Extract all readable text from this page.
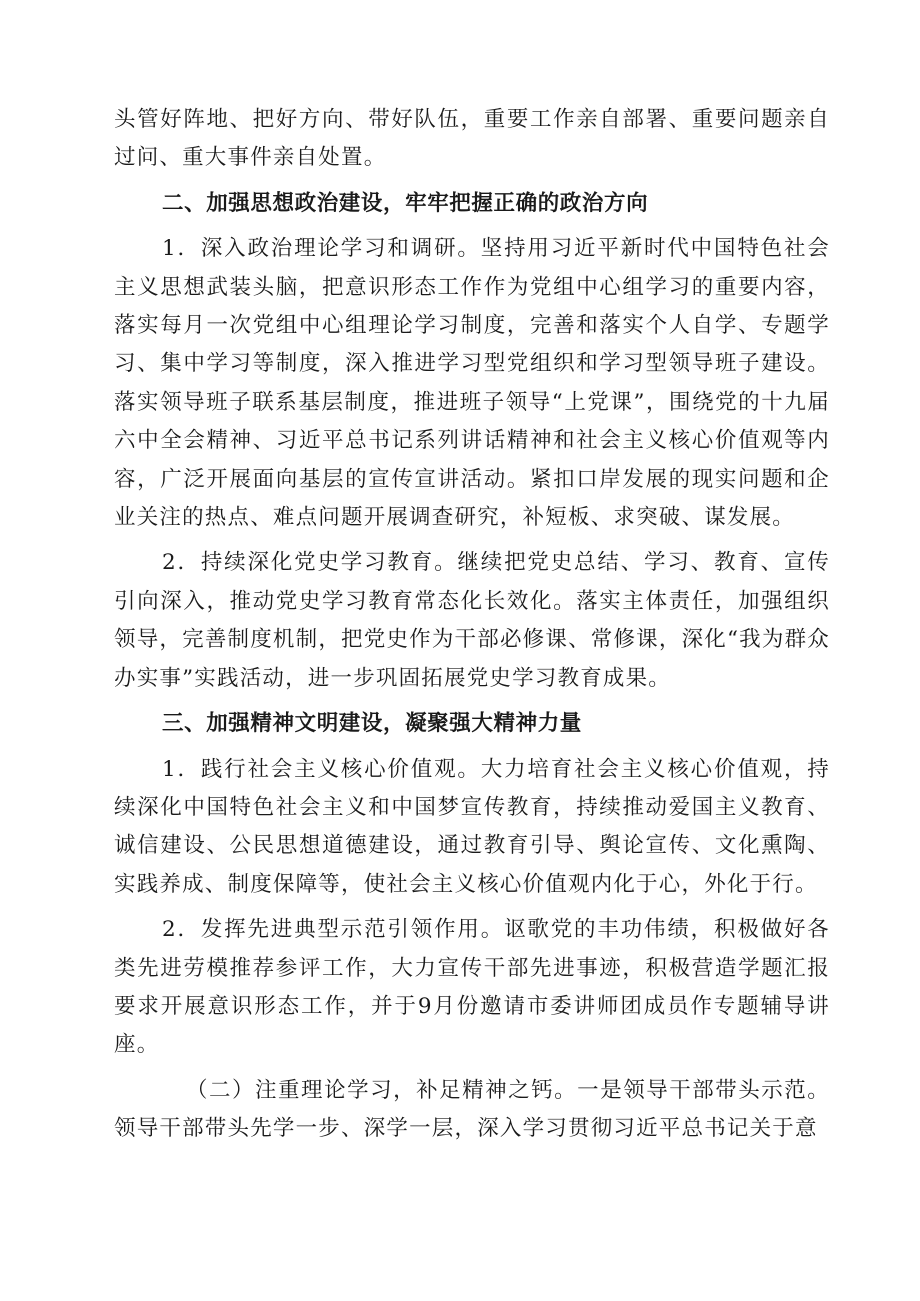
头管好阵地、把好方向、带好队伍，重要工作亲自部署、重要问题亲自过问、重大事件亲自处置。

二、加强思想政治建设，牢牢把握正确的政治方向

1．深入政治理论学习和调研。坚持用习近平新时代中国特色社会主义思想武装头脑，把意识形态工作作为党组中心组学习的重要内容，落实每月一次党组中心组理论学习制度，完善和落实个人自学、专题学习、集中学习等制度，深入推进学习型党组织和学习型领导班子建设。落实领导班子联系基层制度，推进班子领导“上党课”，围绕党的十九届六中全会精神、习近平总书记系列讲话精神和社会主义核心价值观等内容，广泛开展面向基层的宣传宣讲活动。紧扣口岸发展的现实问题和企业关注的热点、难点问题开展调查研究，补短板、求突破、谋发展。

2．持续深化党史学习教育。继续把党史总结、学习、教育、宣传引向深入，推动党史学习教育常态化长效化。落实主体责任，加强组织领导，完善制度机制，把党史作为干部必修课、常修课，深化“我为群众办实事”实践活动，进一步巩固拓展党史学习教育成果。

三、加强精神文明建设，凝聚强大精神力量

1．践行社会主义核心价值观。大力培育社会主义核心价值观，持续深化中国特色社会主义和中国梦宣传教育，持续推动爱国主义教育、诚信建设、公民思想道德建设，通过教育引导、舆论宣传、文化熏陶、实践养成、制度保障等，使社会主义核心价值观内化于心，外化于行。

2．发挥先进典型示范引领作用。讴歌党的丰功伟绩，积极做好各类先进劳模推荐参评工作，大力宣传干部先进事迹，积极营造学题汇报要求开展意识形态工作，并于9月份邀请市委讲师团成员作专题辅导讲座。

（二）注重理论学习，补足精神之钙。一是领导干部带头示范。领导干部带头先学一步、深学一层，深入学习贯彻习近平总书记关于意
